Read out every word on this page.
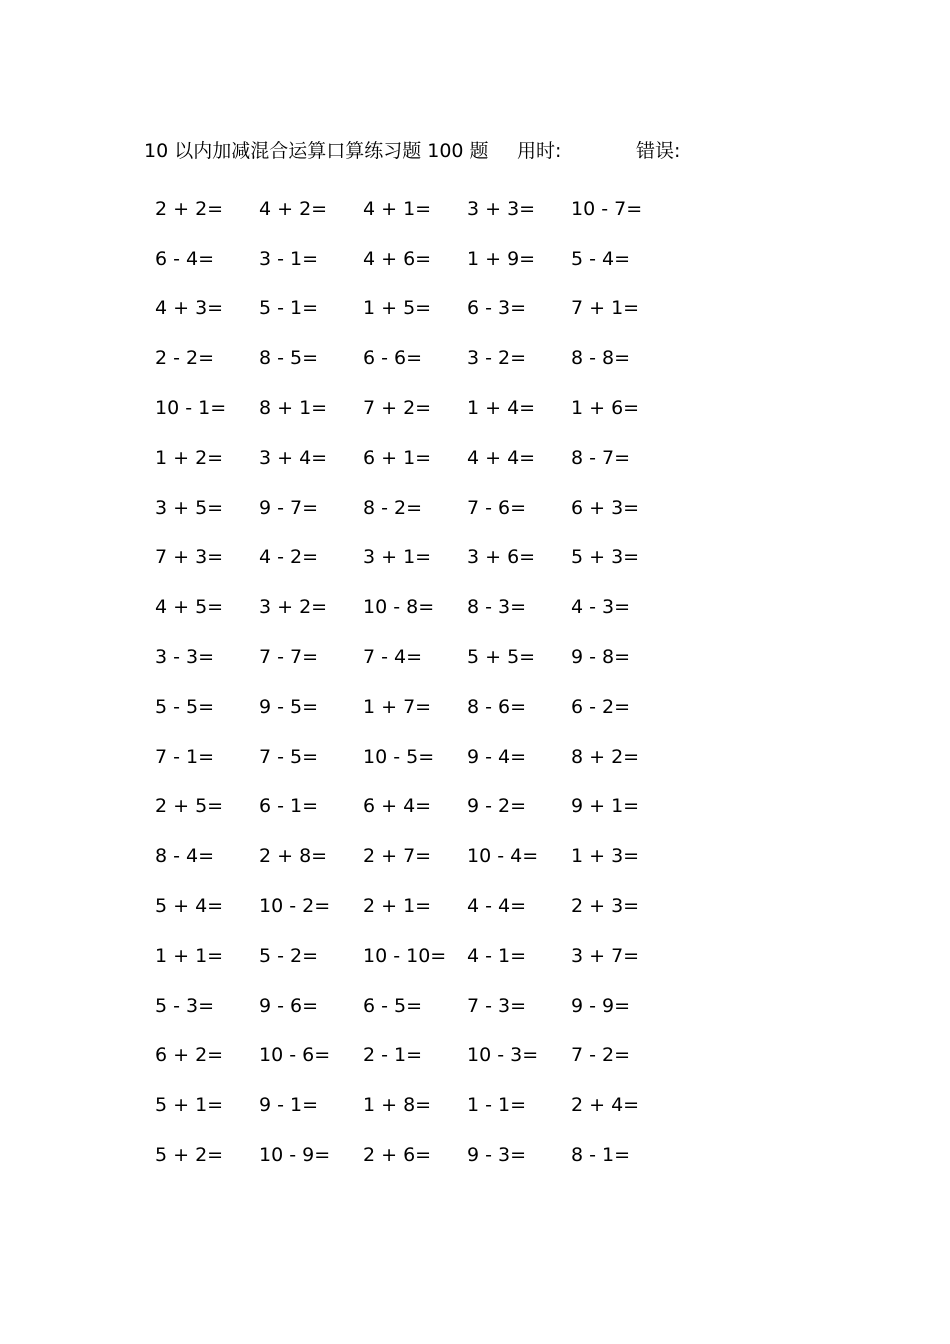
10 以内加减混合运算口算练习题 100 题 用时:	错误:
2 + 2=	4 + 2=	4 + 1=	3 + 3=	10 - 7=
6 - 4=	3 - 1=	4 + 6=	1 + 9=	5 - 4=
4 + 3=	5 - 1=	1 + 5=	6 - 3=	7 + 1=
2 - 2=	8 - 5=	6 - 6=	3 - 2=	8 - 8=
10 - 1=	8 + 1=	7 + 2=	1 + 4=	1 + 6=
1 + 2=	3 + 4=	6 + 1=	4 + 4=	8 - 7=
3 + 5=	9 - 7=	8 - 2=	7 - 6=	6 + 3=
7 + 3=	4 - 2=	3 + 1=	3 + 6=	5 + 3=
4 + 5=	3 + 2=	10 - 8=	8 - 3=	4 - 3=
3 - 3=	7 - 7=	7 - 4=	5 + 5=	9 - 8=
5 - 5=	9 - 5=	1 + 7=	8 - 6=	6 - 2=
7 - 1=	7 - 5=	10 - 5=	9 - 4=	8 + 2=
2 + 5=	6 - 1=	6 + 4=	9 - 2=	9 + 1=
8 - 4=	2 + 8=	2 + 7=	10 - 4=	1 + 3=
5 + 4=	10 - 2=	2 + 1=	4 - 4=	2 + 3=
1 + 1=	5 - 2=	10 - 10=	4 - 1=	3 + 7=
5 - 3=	9 - 6=	6 - 5=	7 - 3=	9 - 9=
6 + 2=	10 - 6=	2 - 1=	10 - 3=	7 - 2=
5 + 1=	9 - 1=	1 + 8=	1 - 1=	2 + 4=
5 + 2=	10 - 9=	2 + 6=	9 - 3=	8 - 1=
